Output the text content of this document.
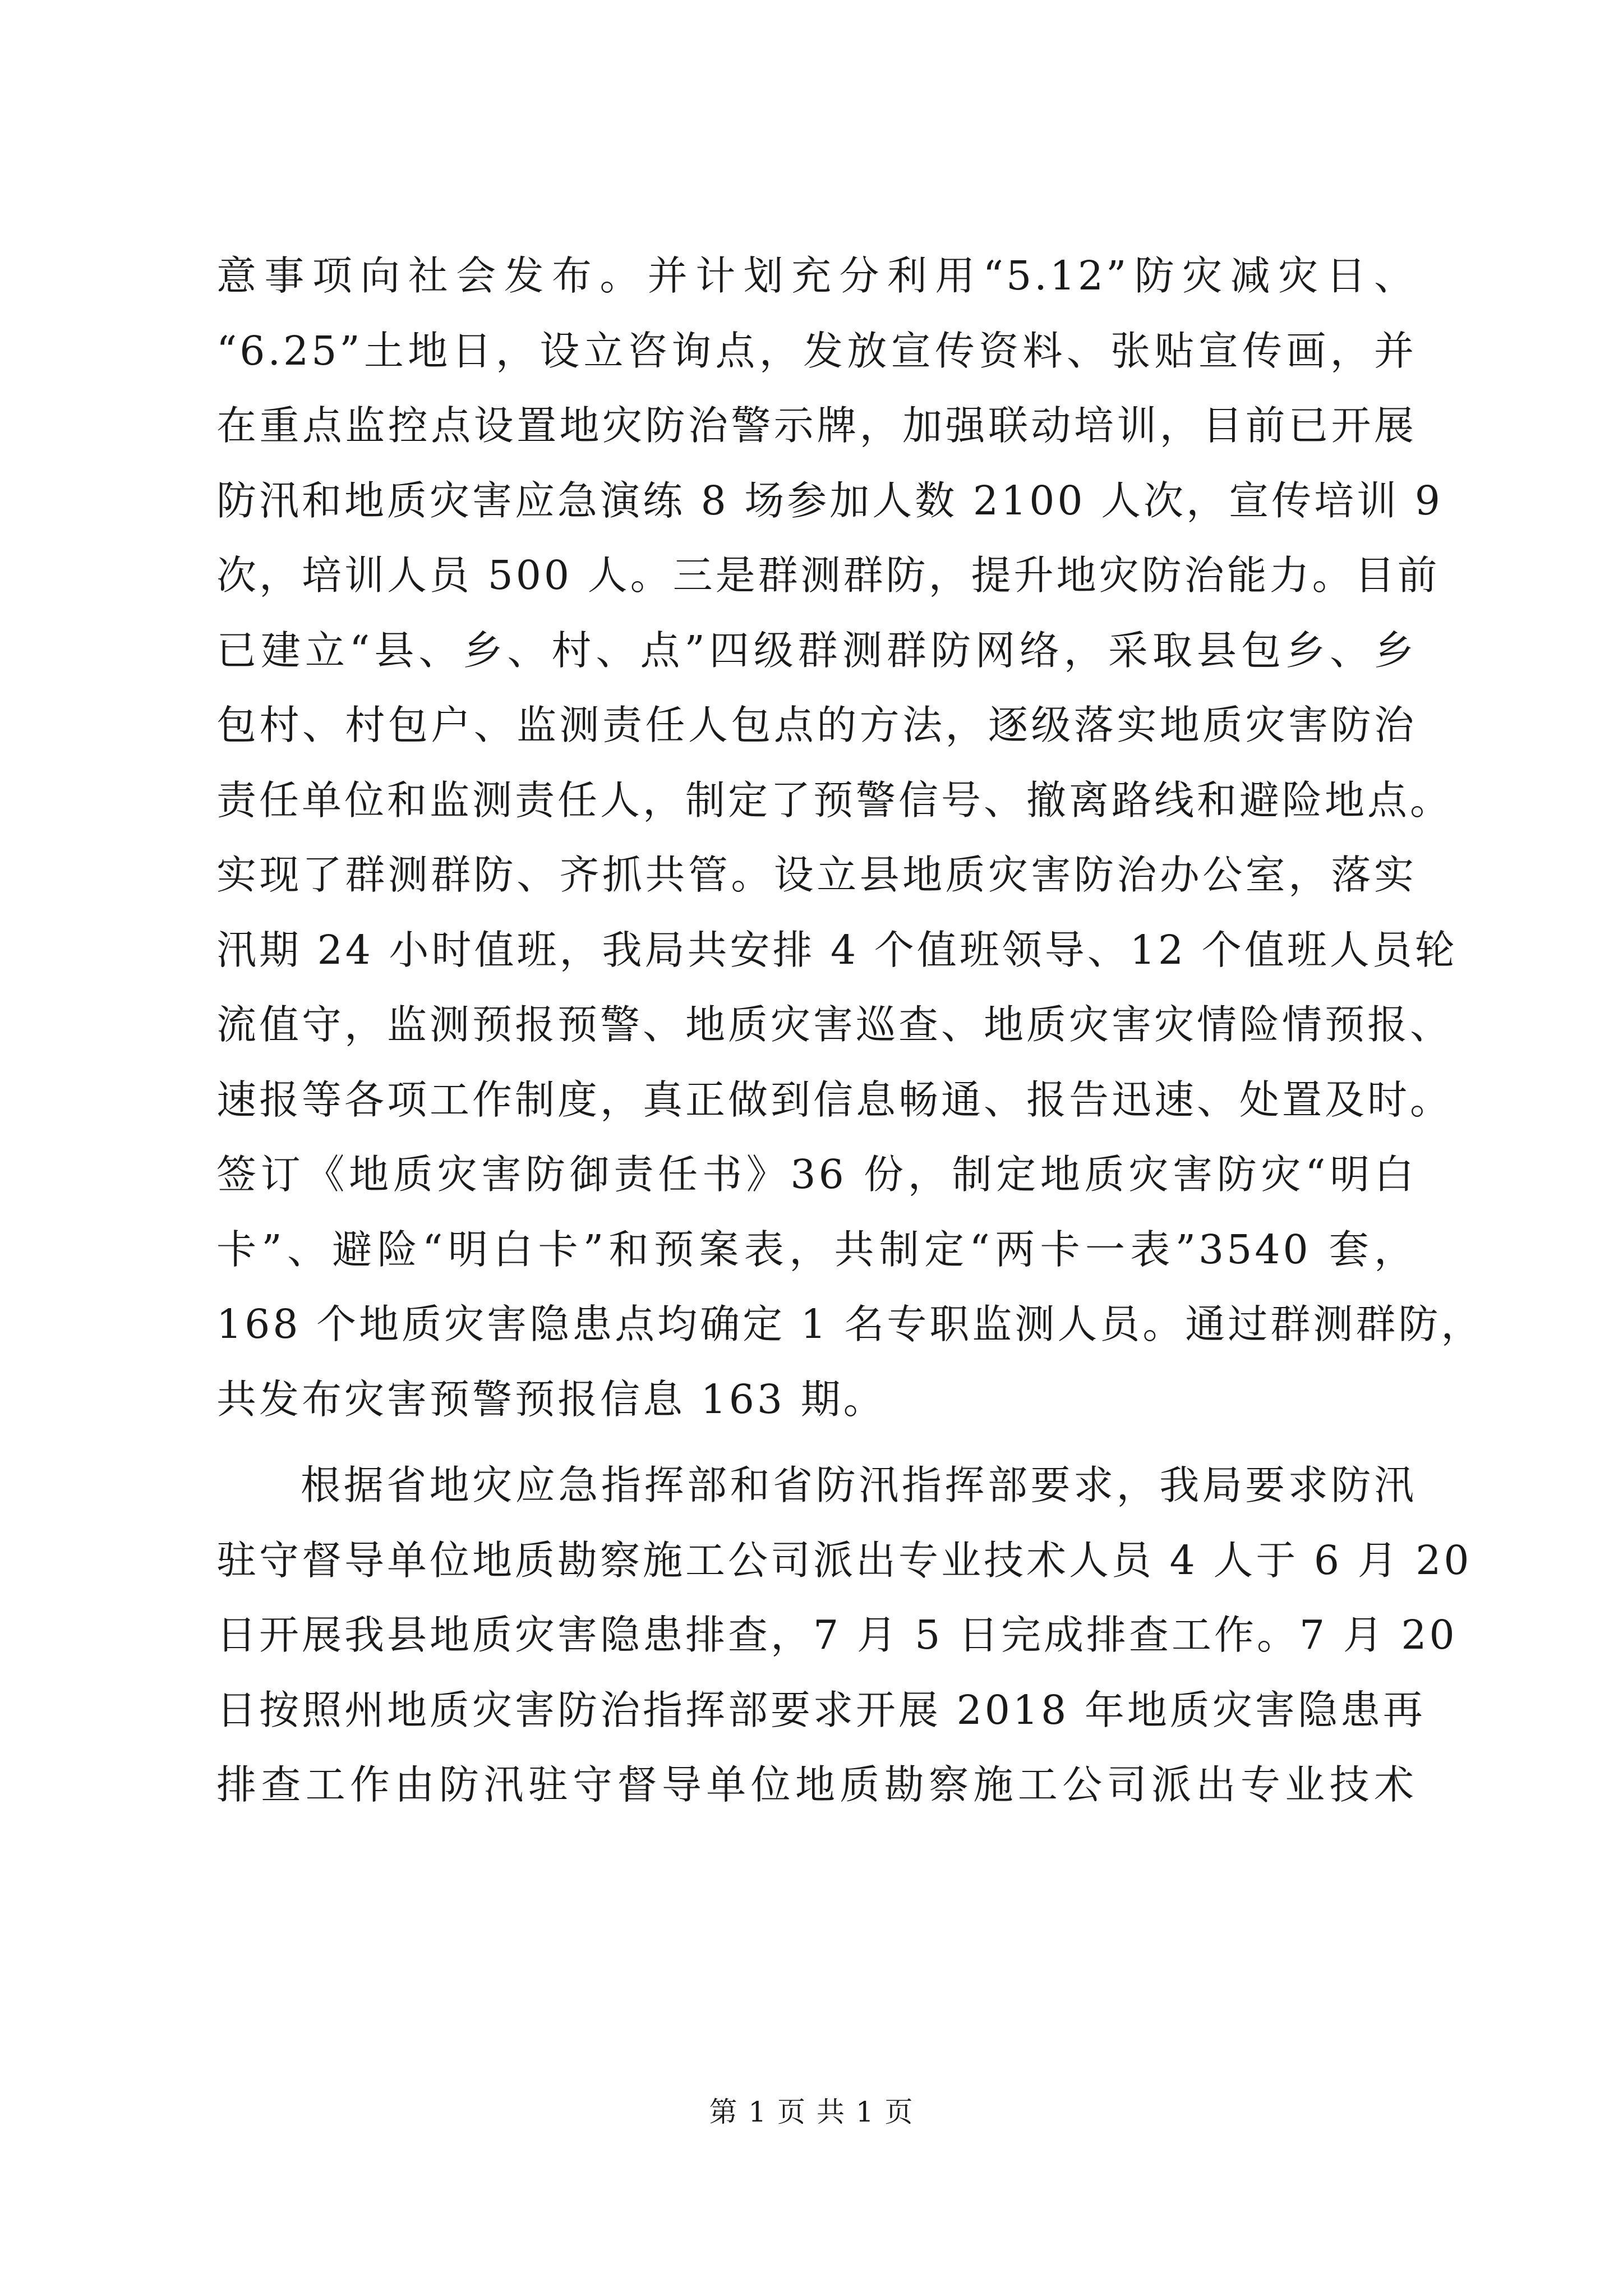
意事项向社会发布。并计划充分利用“5.12”防灾减灾日、
“6.25”土地日，设立咨询点，发放宣传资料、张贴宣传画，并
在重点监控点设置地灾防治警示牌，加强联动培训，目前已开展
防汛和地质灾害应急演练 8 场参加人数 2100 人次，宣传培训 9
次，培训人员 500 人。三是群测群防，提升地灾防治能力。目前
已建立“县、乡、村、点”四级群测群防网络，采取县包乡、乡
包村、村包户、监测责任人包点的方法，逐级落实地质灾害防治
责任单位和监测责任人，制定了预警信号、撤离路线和避险地点。
实现了群测群防、齐抓共管。设立县地质灾害防治办公室，落实
汛期 24 小时值班，我局共安排 4 个值班领导、12 个值班人员轮
流值守，监测预报预警、地质灾害巡查、地质灾害灾情险情预报、
速报等各项工作制度，真正做到信息畅通、报告迅速、处置及时。
签订《地质灾害防御责任书》36 份，制定地质灾害防灾“明白
卡”、避险“明白卡”和预案表，共制定“两卡一表”3540 套，
168 个地质灾害隐患点均确定 1 名专职监测人员。通过群测群防，
共发布灾害预警预报信息 163 期。
根据省地灾应急指挥部和省防汛指挥部要求，我局要求防汛
驻守督导单位地质勘察施工公司派出专业技术人员 4 人于 6 月 20
日开展我县地质灾害隐患排查，7 月 5 日完成排查工作。7 月 20
日按照州地质灾害防治指挥部要求开展 2018 年地质灾害隐患再
排查工作由防汛驻守督导单位地质勘察施工公司派出专业技术
第 1 页 共 1 页
